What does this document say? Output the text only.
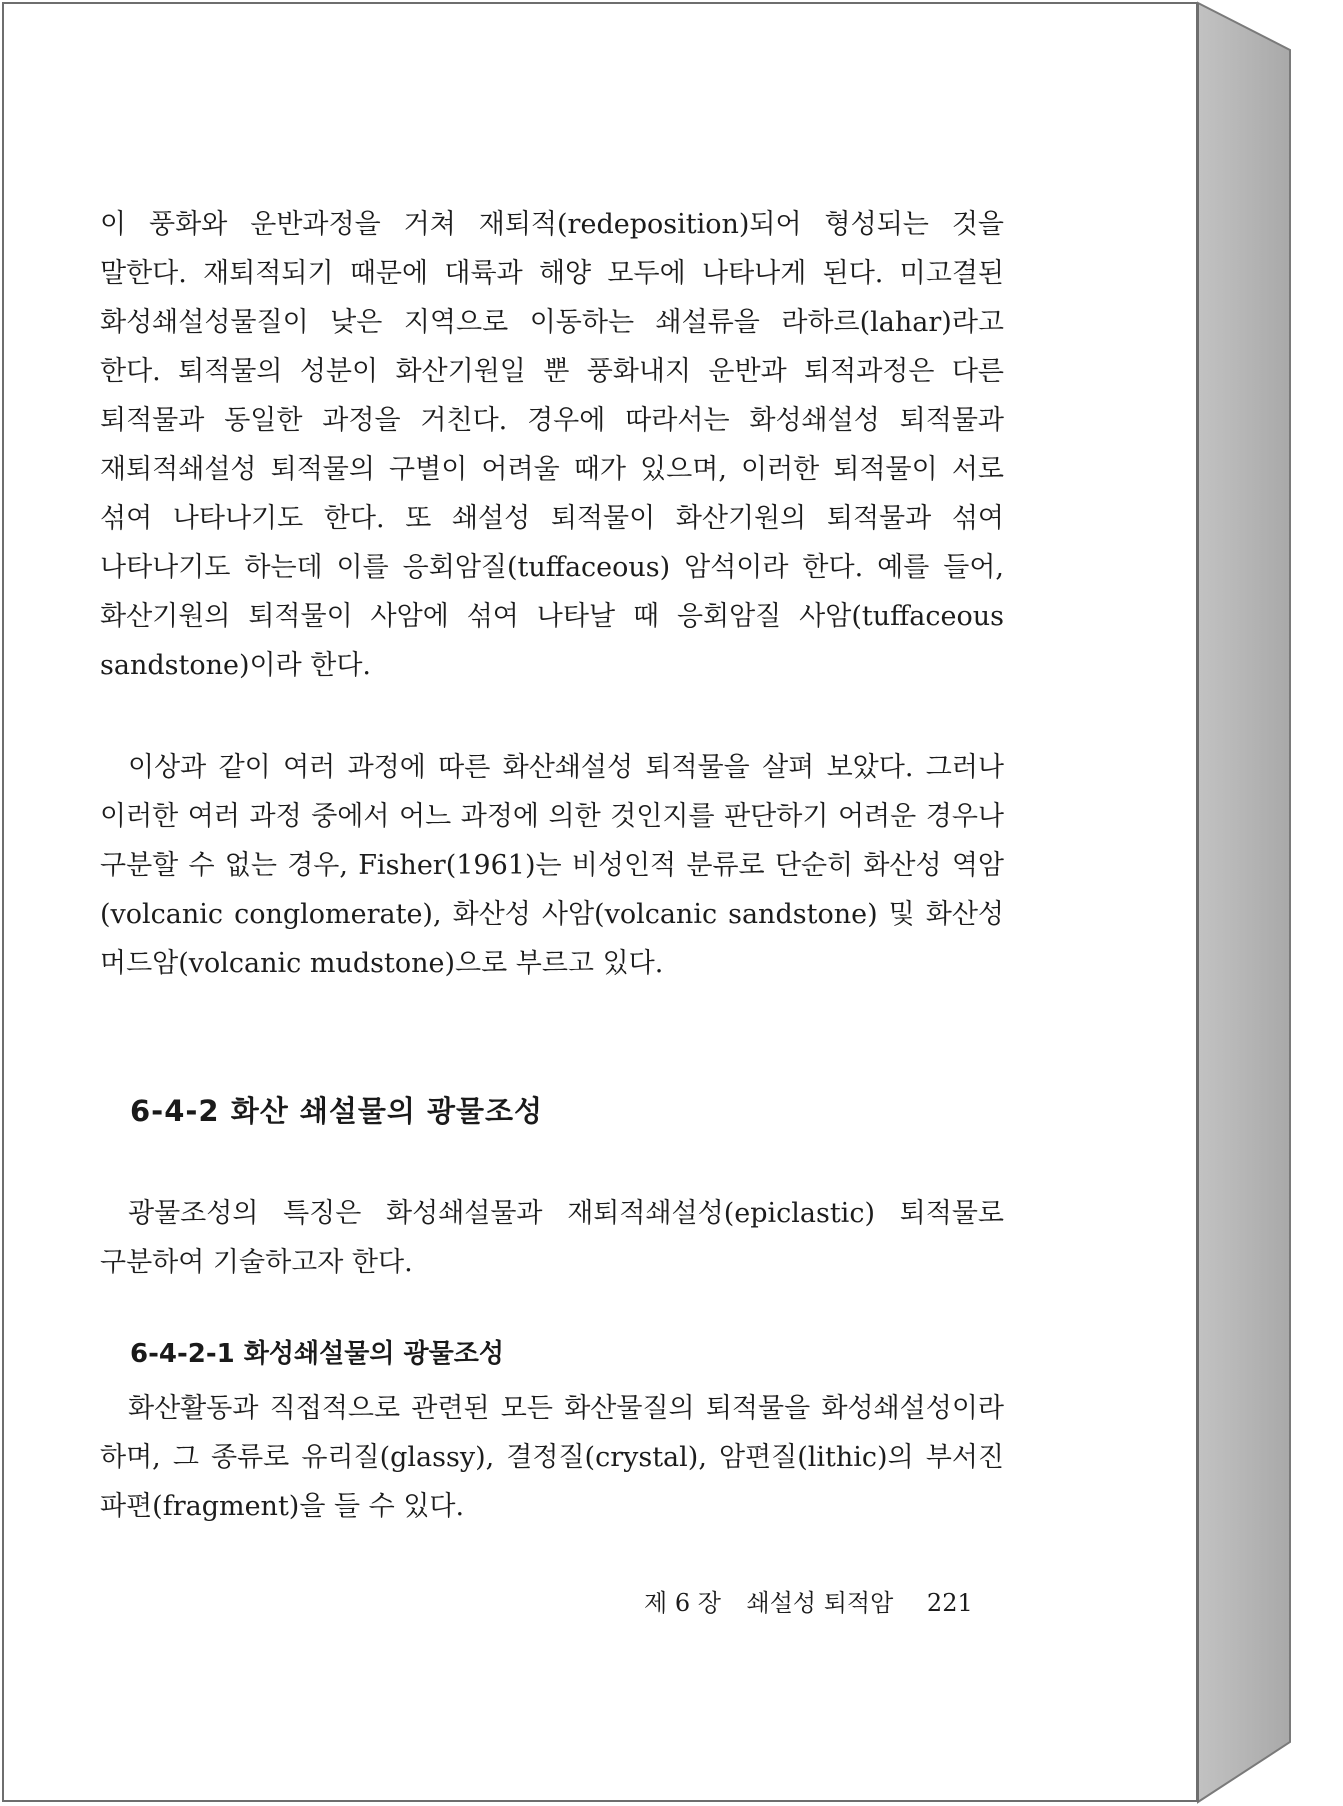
이 풍화와 운반과정을 거쳐 재퇴적(redeposition)되어 형성되는 것을 말한다. 재퇴적되기 때문에 대륙과 해양 모두에 나타나게 된다. 미고결된 화성쇄설성물질이 낮은 지역으로 이동하는 쇄설류을 라하르(lahar)라고 한다. 퇴적물의 성분이 화산기원일 뿐 풍화내지 운반과 퇴적과정은 다른 퇴적물과 동일한 과정을 거친다. 경우에 따라서는 화성쇄설성 퇴적물과 재퇴적쇄설성 퇴적물의 구별이 어려울 때가 있으며, 이러한 퇴적물이 서로 섞여 나타나기도 한다. 또 쇄설성 퇴적물이 화산기원의 퇴적물과 섞여 나타나기도 하는데 이를 응회암질(tuffaceous) 암석이라 한다. 예를 들어, 화산기원의 퇴적물이 사암에 섞여 나타날 때 응회암질 사암(tuffaceous sandstone)이라 한다.

이상과 같이 여러 과정에 따른 화산쇄설성 퇴적물을 살펴 보았다. 그러나 이러한 여러 과정 중에서 어느 과정에 의한 것인지를 판단하기 어려운 경우나 구분할 수 없는 경우, Fisher(1961)는 비성인적 분류로 단순히 화산성 역암(volcanic conglomerate), 화산성 사암(volcanic sandstone) 및 화산성 머드암(volcanic mudstone)으로 부르고 있다.

6-4-2 화산 쇄설물의 광물조성

광물조성의 특징은 화성쇄설물과 재퇴적쇄설성(epiclastic) 퇴적물로 구분하여 기술하고자 한다.

6-4-2-1 화성쇄설물의 광물조성

화산활동과 직접적으로 관련된 모든 화산물질의 퇴적물을 화성쇄설성이라 하며, 그 종류로 유리질(glassy), 결정질(crystal), 암편질(lithic)의 부서진 파편(fragment)을 들 수 있다.

제 6 장 쇄설성 퇴적암 221
